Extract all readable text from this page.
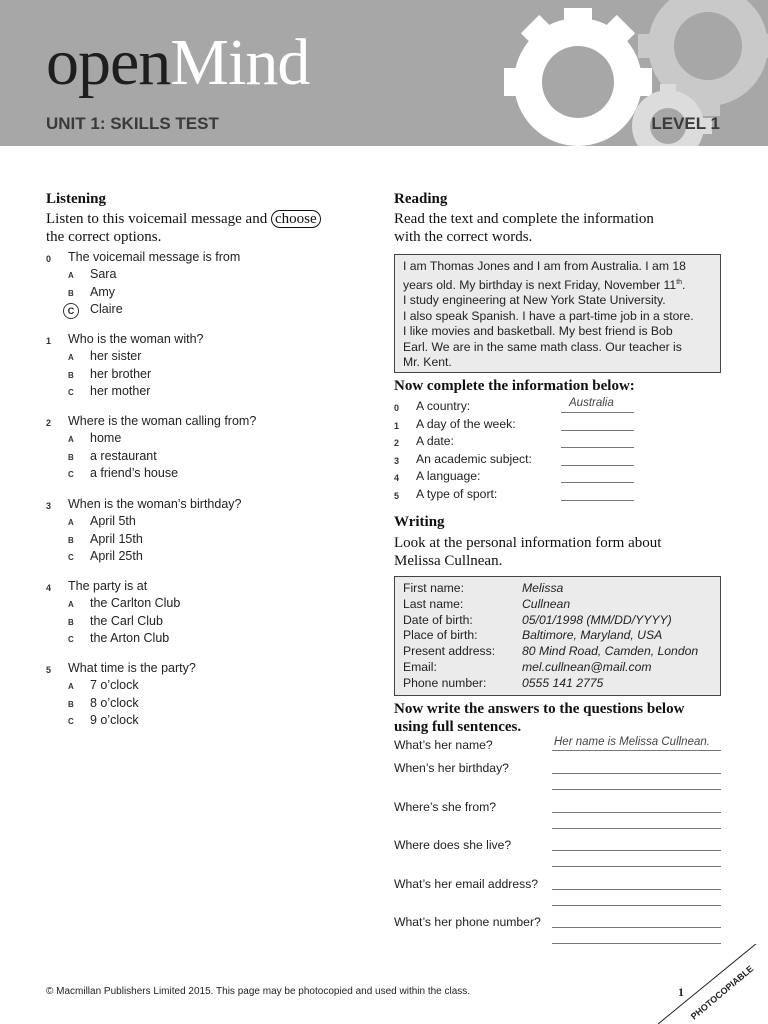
openMind
UNIT 1: SKILLS TEST	LEVEL 1
Listening
Listen to this voicemail message and choose
the correct options.
0 The voicemail message is from
A Sara
B Amy
C	Claire
1 Who is the woman with?
A her sister
B her brother
C her mother
2 Where is the woman calling from?
A home
B a restaurant
C a friend’s house
3 When is the woman’s birthday?
A April 5th
B April 15th
C April 25th
4 The party is at
A the Carlton Club
B the Carl Club
C the Arton Club
5 What time is the party?
A 7 o’clock
B 8 o’clock
C 9 o’clock
Reading
Read the text and complete the information
with the correct words.
I am Thomas Jones and I am from Australia. I am 18
years old. My birthday is next Friday, November 11th.
I study engineering at New York State University.
I also speak Spanish. I have a part-time job in a store.
I like movies and basketball. My best friend is Bob
Earl. We are in the same math class. Our teacher is
Mr. Kent.
Now complete the information below:
0 A country:	Australia
1 A day of the week:
2 A date:
3 An academic subject:
4 A language:
5 A type of sport:
Writing
Look at the personal information form about
Melissa Cullnean.
First name:	Melissa
Last name:	Cullnean
Date of birth:	05/01/1998 (MM/DD/YYYY)
Place of birth:	Baltimore, Maryland, USA
Present address: 80 Mind Road, Camden, London
Email:	mel.cullnean@mail.com
Phone number:	0555 141 2775
Now write the answers to the questions below
using full sentences.
What’s her name?	Her name is Melissa Cullnean.
When’s her birthday?
Where’s she from?
Where does she live?
What’s her email address?
What’s her phone number?
© Macmillan Publishers Limited 2015. This page may be photocopied and used within the class.	1 PHOTOCOPIABLE
